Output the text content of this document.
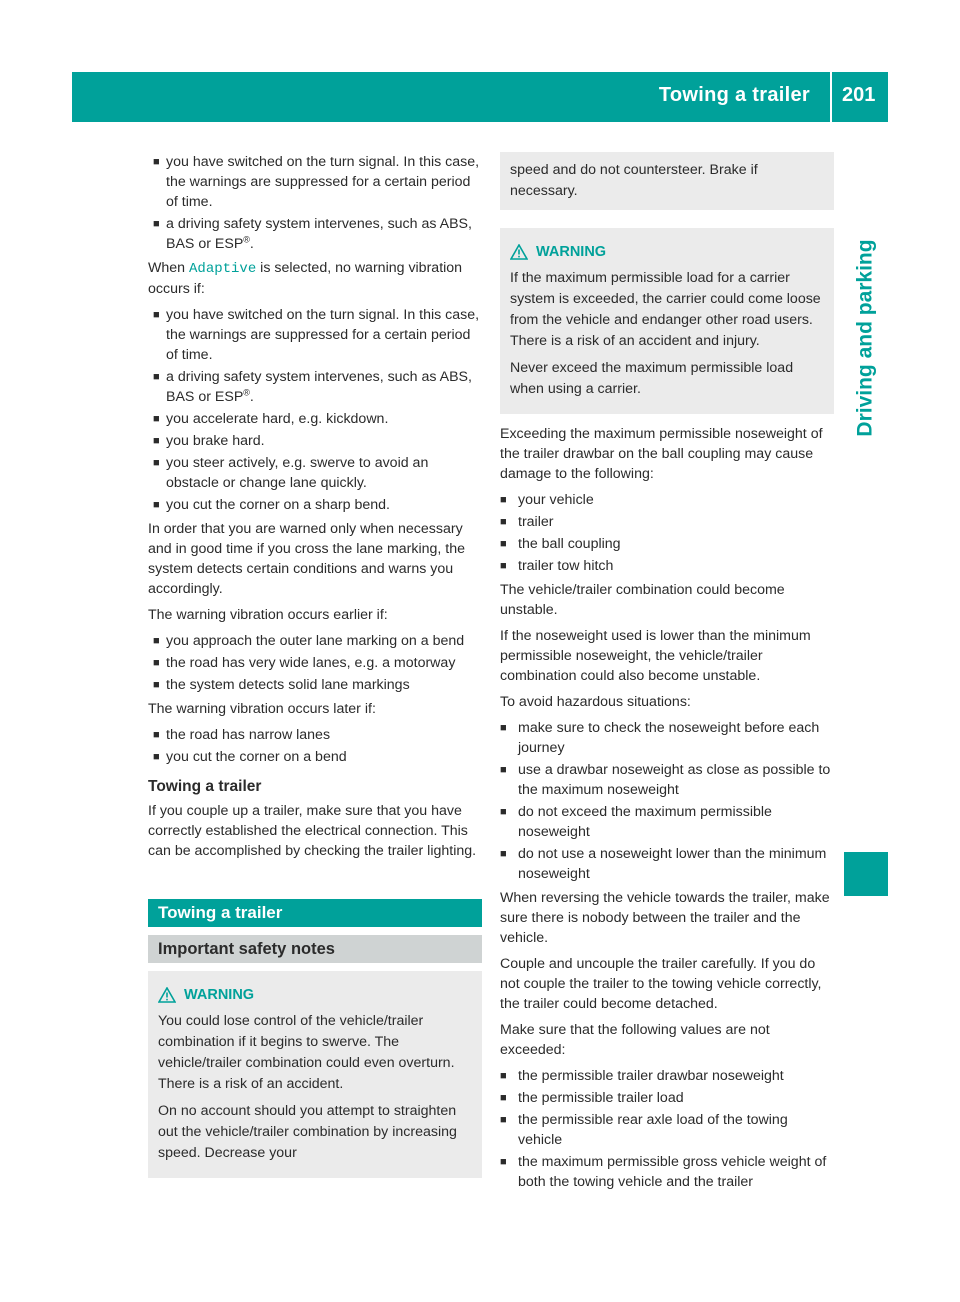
Towing a trailer 201
Driving and parking
■ you have switched on the turn signal. In this case, the warnings are suppressed for a certain period of time.
■ a driving safety system intervenes, such as ABS, BAS or ESP®.

When Adaptive is selected, no warning vibration occurs if:

■ you have switched on the turn signal. In this case, the warnings are suppressed for a certain period of time.
■ a driving safety system intervenes, such as ABS, BAS or ESP®.
■ you accelerate hard, e.g. kickdown.
■ you brake hard.
■ you steer actively, e.g. swerve to avoid an obstacle or change lane quickly.
■ you cut the corner on a sharp bend.

In order that you are warned only when necessary and in good time if you cross the lane marking, the system detects certain conditions and warns you accordingly.

The warning vibration occurs earlier if:

■ you approach the outer lane marking on a bend
■ the road has very wide lanes, e.g. a motorway
■ the system detects solid lane markings

The warning vibration occurs later if:

■ the road has narrow lanes
■ you cut the corner on a bend
Towing a trailer

If you couple up a trailer, make sure that you have correctly established the electrical connection. This can be accomplished by checking the trailer lighting.

Towing a trailer
Important safety notes
WARNING

You could lose control of the vehicle/trailer combination if it begins to swerve. The vehicle/trailer combination could even overturn. There is a risk of an accident.

On no account should you attempt to straighten out the vehicle/trailer combination by increasing speed. Decrease your

speed and do not countersteer. Brake if necessary.

WARNING

If the maximum permissible load for a carrier system is exceeded, the carrier could come loose from the vehicle and endanger other road users. There is a risk of an accident and injury.

Never exceed the maximum permissible load when using a carrier.

Exceeding the maximum permissible noseweight of the trailer drawbar on the ball coupling may cause damage to the following:

■ your vehicle
■ trailer
■ the ball coupling
■ trailer tow hitch

The vehicle/trailer combination could become unstable.

If the noseweight used is lower than the minimum permissible noseweight, the vehicle/trailer combination could also become unstable.

To avoid hazardous situations:

■ make sure to check the noseweight before each journey
■ use a drawbar noseweight as close as possible to the maximum noseweight
■ do not exceed the maximum permissible noseweight
■ do not use a noseweight lower than the minimum noseweight

When reversing the vehicle towards the trailer, make sure there is nobody between the trailer and the vehicle.

Couple and uncouple the trailer carefully. If you do not couple the trailer to the towing vehicle correctly, the trailer could become detached.

Make sure that the following values are not exceeded:

■ the permissible trailer drawbar noseweight
■ the permissible trailer load
■ the permissible rear axle load of the towing vehicle
■ the maximum permissible gross vehicle weight of both the towing vehicle and the trailer
